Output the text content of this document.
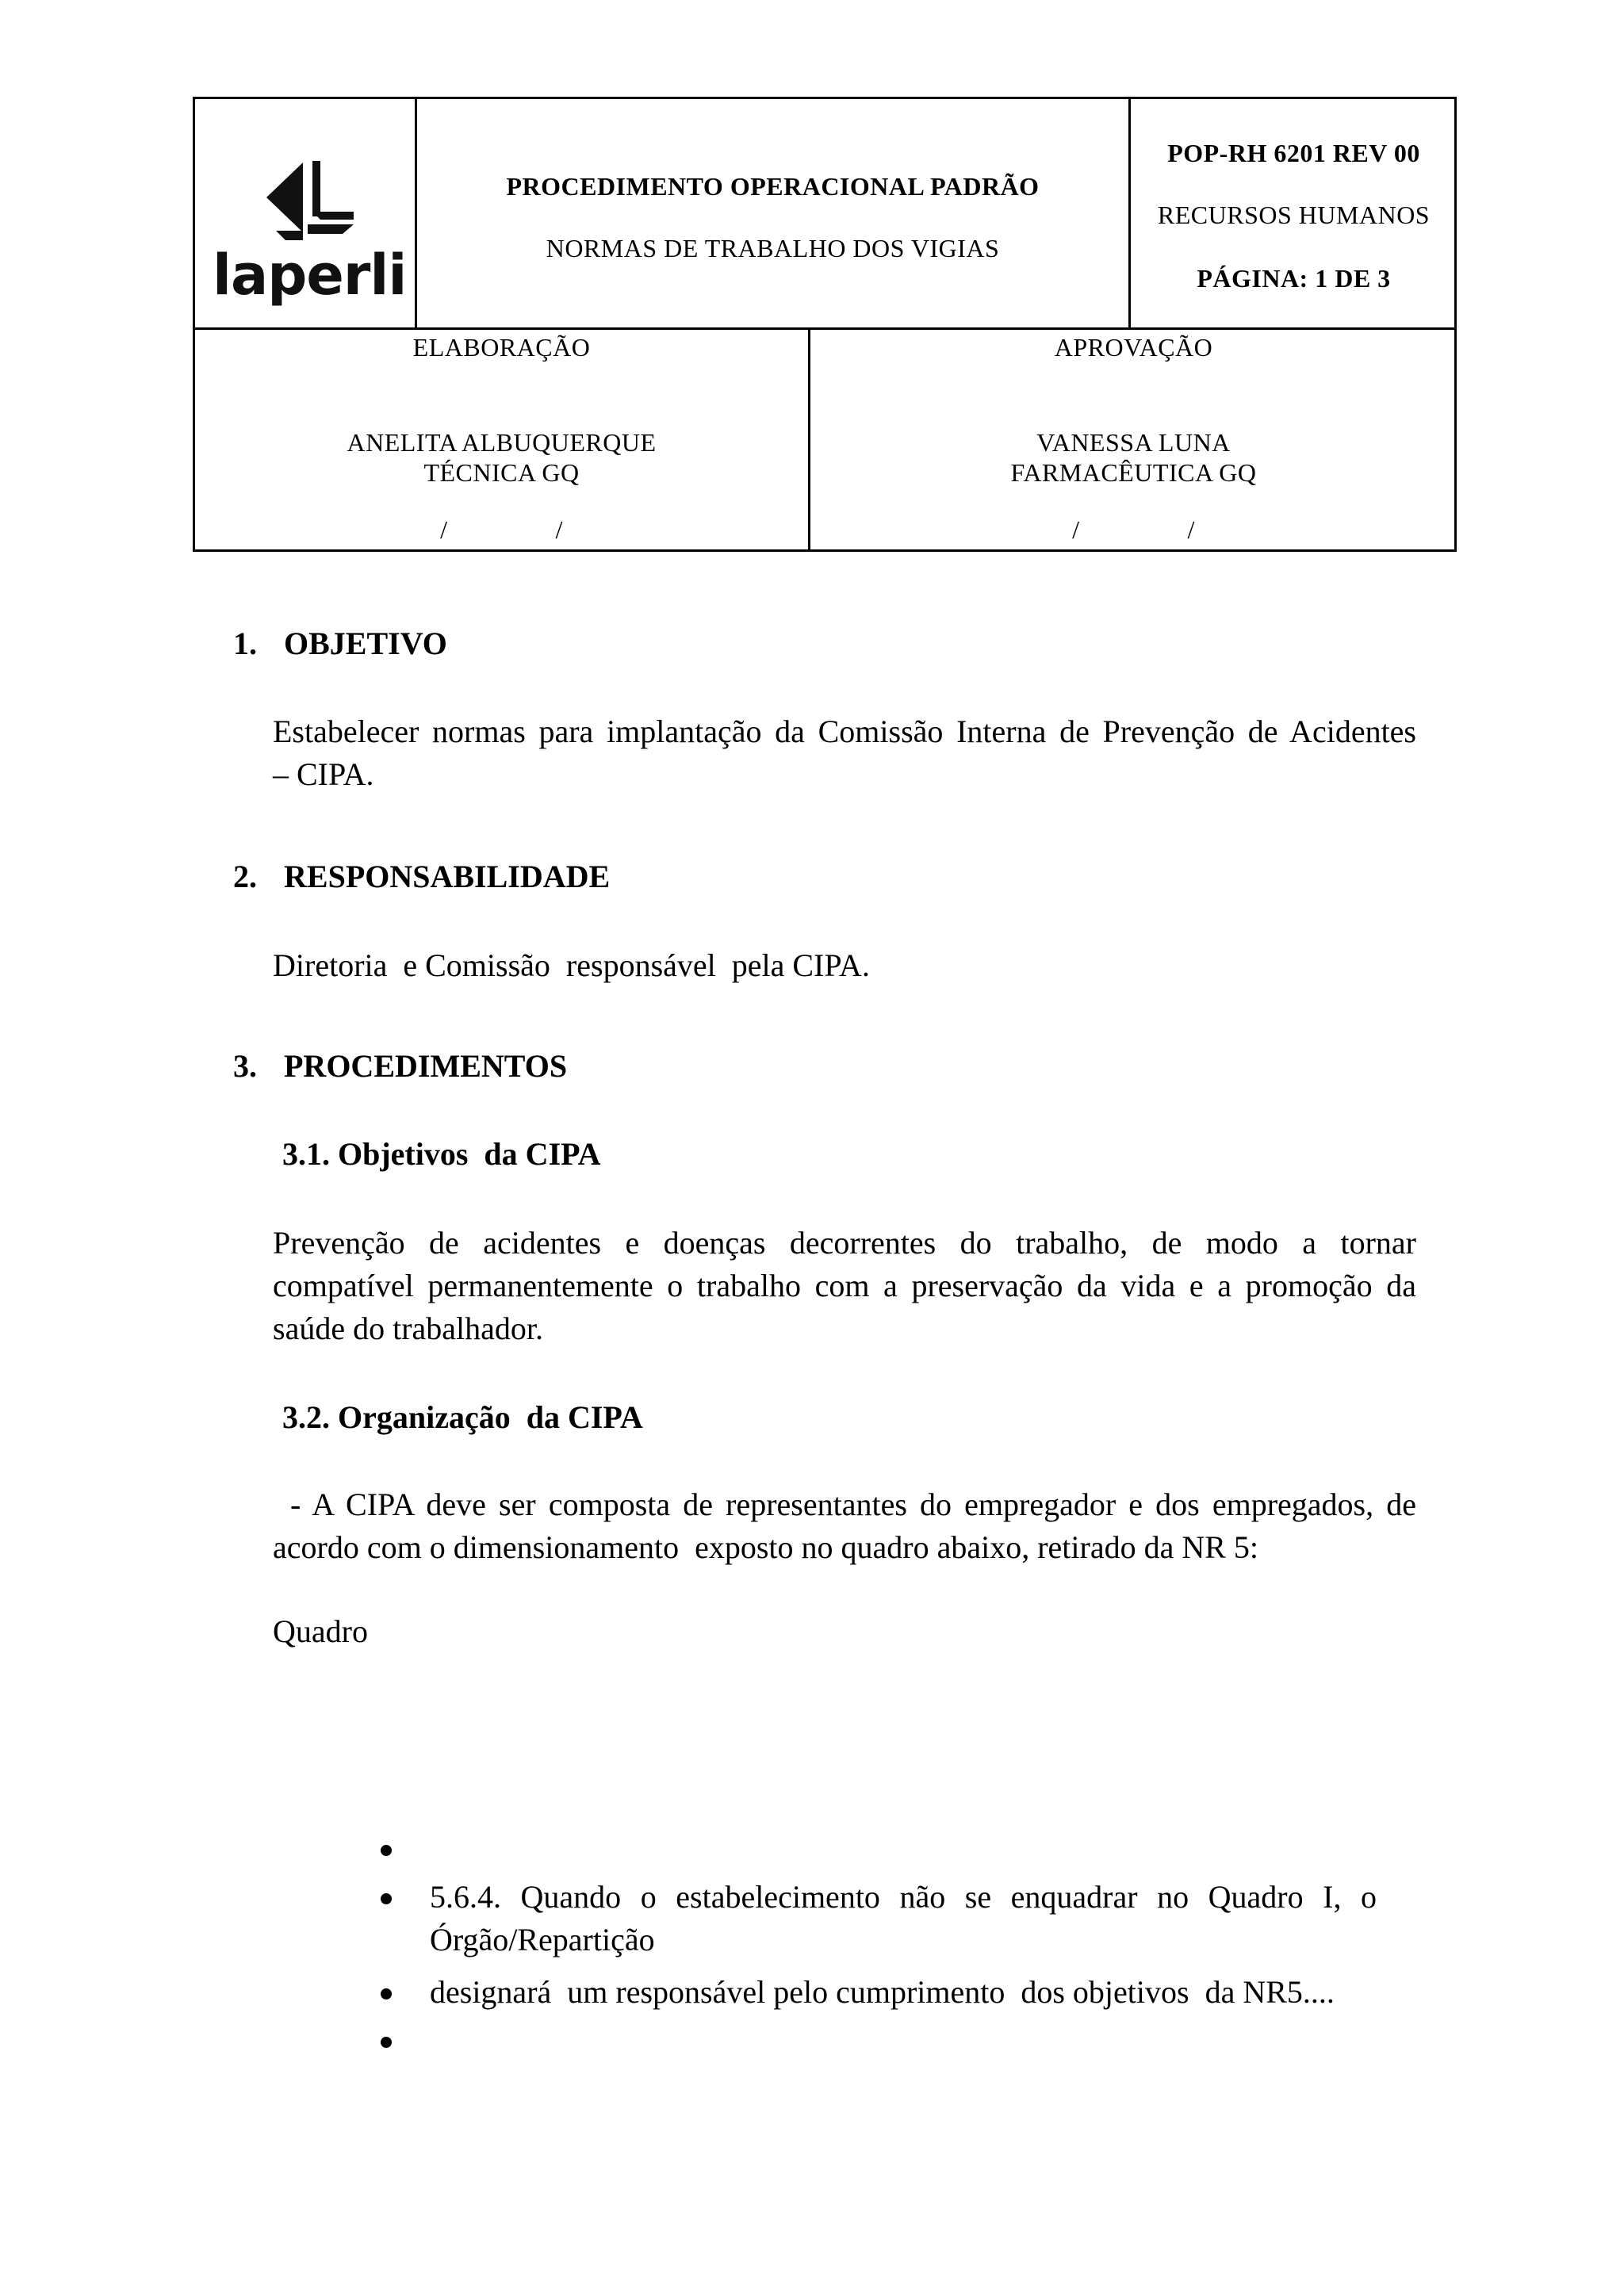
laperli
PROCEDIMENTO OPERACIONAL PADRÃO
NORMAS DE TRABALHO DOS VIGIAS
POP-RH 6201 REV 00
RECURSOS HUMANOS
PÁGINA: 1 DE 3
ELABORAÇÃO
ANELITA ALBUQUERQUE
TÉCNICA GQ
/                /
APROVAÇÃO
VANESSA LUNA
FARMACÊUTICA GQ
/                /
1. OBJETIVO
Estabelecer normas para implantação da Comissão Interna de Prevenção de Acidentes
– CIPA.
2. RESPONSABILIDADE
Diretoria  e Comissão  responsável  pela CIPA.
3. PROCEDIMENTOS
3.1. Objetivos  da CIPA
Prevenção de acidentes e doenças decorrentes do trabalho, de modo a tornar
compatível permanentemente o trabalho com a preservação da vida e a promoção da
saúde do trabalhador.
3.2. Organização  da CIPA
- A CIPA deve ser composta de representantes do empregador e dos empregados, de
acordo com o dimensionamento  exposto no quadro abaixo, retirado da NR 5:
Quadro
5.6.4. Quando o estabelecimento não se enquadrar no Quadro I, o
Órgão/Repartição
designará  um responsável pelo cumprimento  dos objetivos  da NR5....
